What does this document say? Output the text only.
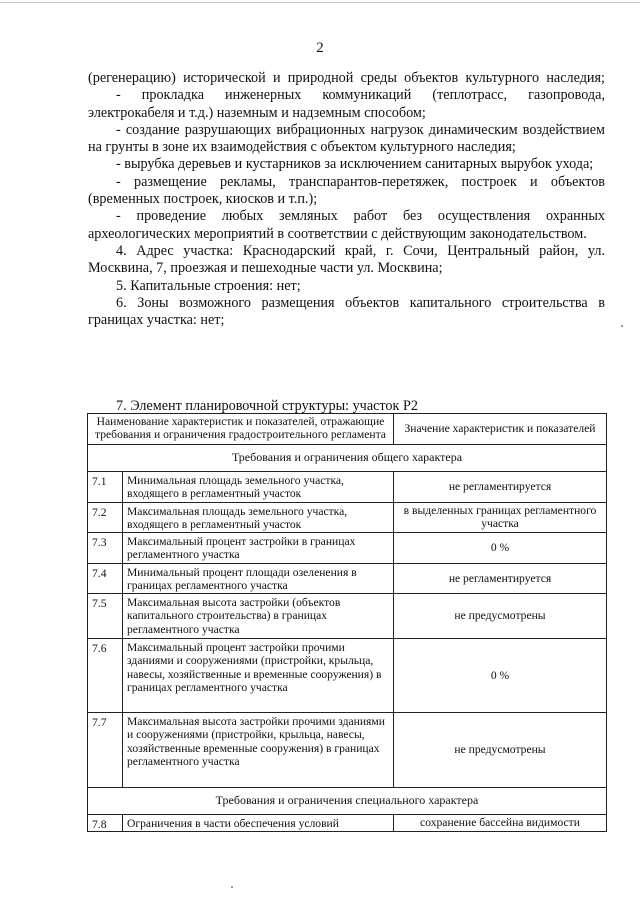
2

(регенерацию) исторической и природной среды объектов культурного наследия;

- прокладка инженерных коммуникаций (теплотрасс, газопровода, электрокабеля и т.д.) наземным и надземным способом;

- создание разрушающих вибрационных нагрузок динамическим воздействием на грунты в зоне их взаимодействия с объектом культурного наследия;

- вырубка деревьев и кустарников за исключением санитарных вырубок ухода;

- размещение рекламы, транспарантов-перетяжек, построек и объектов (временных построек, киосков и т.п.);

- проведение любых земляных работ без осуществления охранных археологических мероприятий в соответствии с действующим законодательством.

4. Адрес участка: Краснодарский край, г. Сочи, Центральный район, ул. Москвина, 7, проезжая и пешеходные части ул. Москвина;

5. Капитальные строения: нет;

6. Зоны возможного размещения объектов капитального строительства в границах участка: нет;

7. Элемент планировочной структуры: участок Р2
Наименование характеристик и показателей, отражающие требования и ограничения градостроительного регламента		Значение характеристик и показателей
Требования и ограничения общего характера		
7.1	Минимальная площадь земельного участка, входящего в регламентный участок	не регламентируется
7.2	Максимальная площадь земельного участка, входящего в регламентный участок	в выделенных границах регламентного участка
7.3	Максимальный процент застройки в границах регламентного участка	0 %
7.4	Минимальный процент площади озеленения в границах регламентного участка	не регламентируется
7.5	Максимальная высота застройки (объектов капитального строительства) в границах регламентного участка	не предусмотрены
7.6	Максимальный процент застройки прочими зданиями и сооружениями (пристройки, крыльца, навесы, хозяйственные и временные сооружения) в границах регламентного участка	0 %
7.7	Максимальная высота застройки прочими зданиями и сооружениями (пристройки, крыльца, навесы, хозяйственные временные сооружения) в границах регламентного участка	не предусмотрены
Требования и ограничения специального характера		
7.8	Ограничения в части обеспечения условий	сохранение бассейна видимости
